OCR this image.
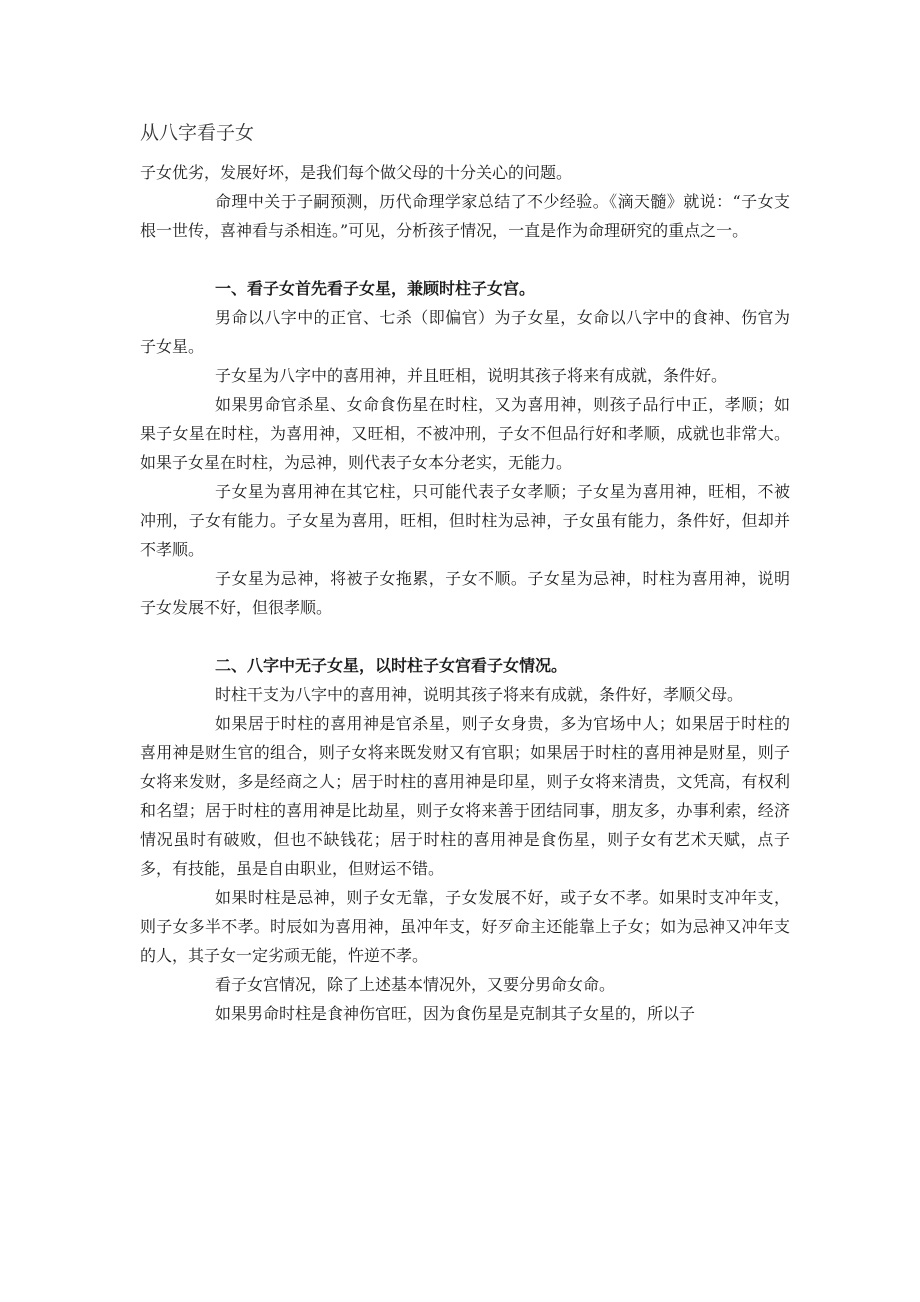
从八字看子女

子女优劣，发展好坏，是我们每个做父母的十分关心的问题。

命理中关于子嗣预测，历代命理学家总结了不少经验。《滴天髓》就说：“子女支根一世传，喜神看与杀相连。”可见，分析孩子情况，一直是作为命理研究的重点之一。

一、看子女首先看子女星，兼顾时柱子女宫。

男命以八字中的正官、七杀（即偏官）为子女星，女命以八字中的食神、伤官为子女星。

子女星为八字中的喜用神，并且旺相，说明其孩子将来有成就，条件好。

如果男命官杀星、女命食伤星在时柱，又为喜用神，则孩子品行中正，孝顺；如果子女星在时柱，为喜用神，又旺相，不被冲刑，子女不但品行好和孝顺，成就也非常大。如果子女星在时柱，为忌神，则代表子女本分老实，无能力。

子女星为喜用神在其它柱，只可能代表子女孝顺；子女星为喜用神，旺相，不被冲刑，子女有能力。子女星为喜用，旺相，但时柱为忌神，子女虽有能力，条件好，但却并不孝顺。

子女星为忌神，将被子女拖累，子女不顺。子女星为忌神，时柱为喜用神，说明子女发展不好，但很孝顺。

二、八字中无子女星，以时柱子女宫看子女情况。

时柱干支为八字中的喜用神，说明其孩子将来有成就，条件好，孝顺父母。

如果居于时柱的喜用神是官杀星，则子女身贵，多为官场中人；如果居于时柱的喜用神是财生官的组合，则子女将来既发财又有官职；如果居于时柱的喜用神是财星，则子女将来发财，多是经商之人；居于时柱的喜用神是印星，则子女将来清贵，文凭高，有权利和名望；居于时柱的喜用神是比劫星，则子女将来善于团结同事，朋友多，办事利索，经济情况虽时有破败，但也不缺钱花；居于时柱的喜用神是食伤星，则子女有艺术天赋，点子多，有技能，虽是自由职业，但财运不错。

如果时柱是忌神，则子女无靠，子女发展不好，或子女不孝。如果时支冲年支，则子女多半不孝。时辰如为喜用神，虽冲年支，好歹命主还能靠上子女；如为忌神又冲年支的人，其子女一定劣顽无能，忤逆不孝。

看子女宫情况，除了上述基本情况外，又要分男命女命。

如果男命时柱是食神伤官旺，因为食伤星是克制其子女星的，所以子
